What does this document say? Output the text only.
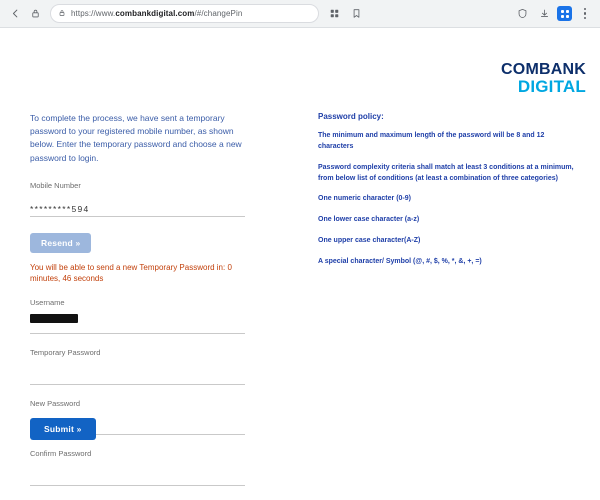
https://www.combankdigital.com/#/changePin
COMBANK
DIGITAL
To complete the process, we have sent a temporary password to your registered mobile number, as shown below. Enter the temporary password and choose a new password to login.
Mobile Number
*********594
Resend »
You will be able to send a new Temporary Password in: 0 minutes, 46 seconds
Username
Temporary Password
New Password
Confirm Password
Submit »
Password policy:

The minimum and maximum length of the password will be 8 and 12 characters

Password complexity criteria shall match at least 3 conditions at a minimum, from below list of conditions (at least a combination of three categories)

One numeric character (0-9)

One lower case character (a-z)

One upper case character(A-Z)

A special character/ Symbol (@, #, $, %, *, &, +, =)
